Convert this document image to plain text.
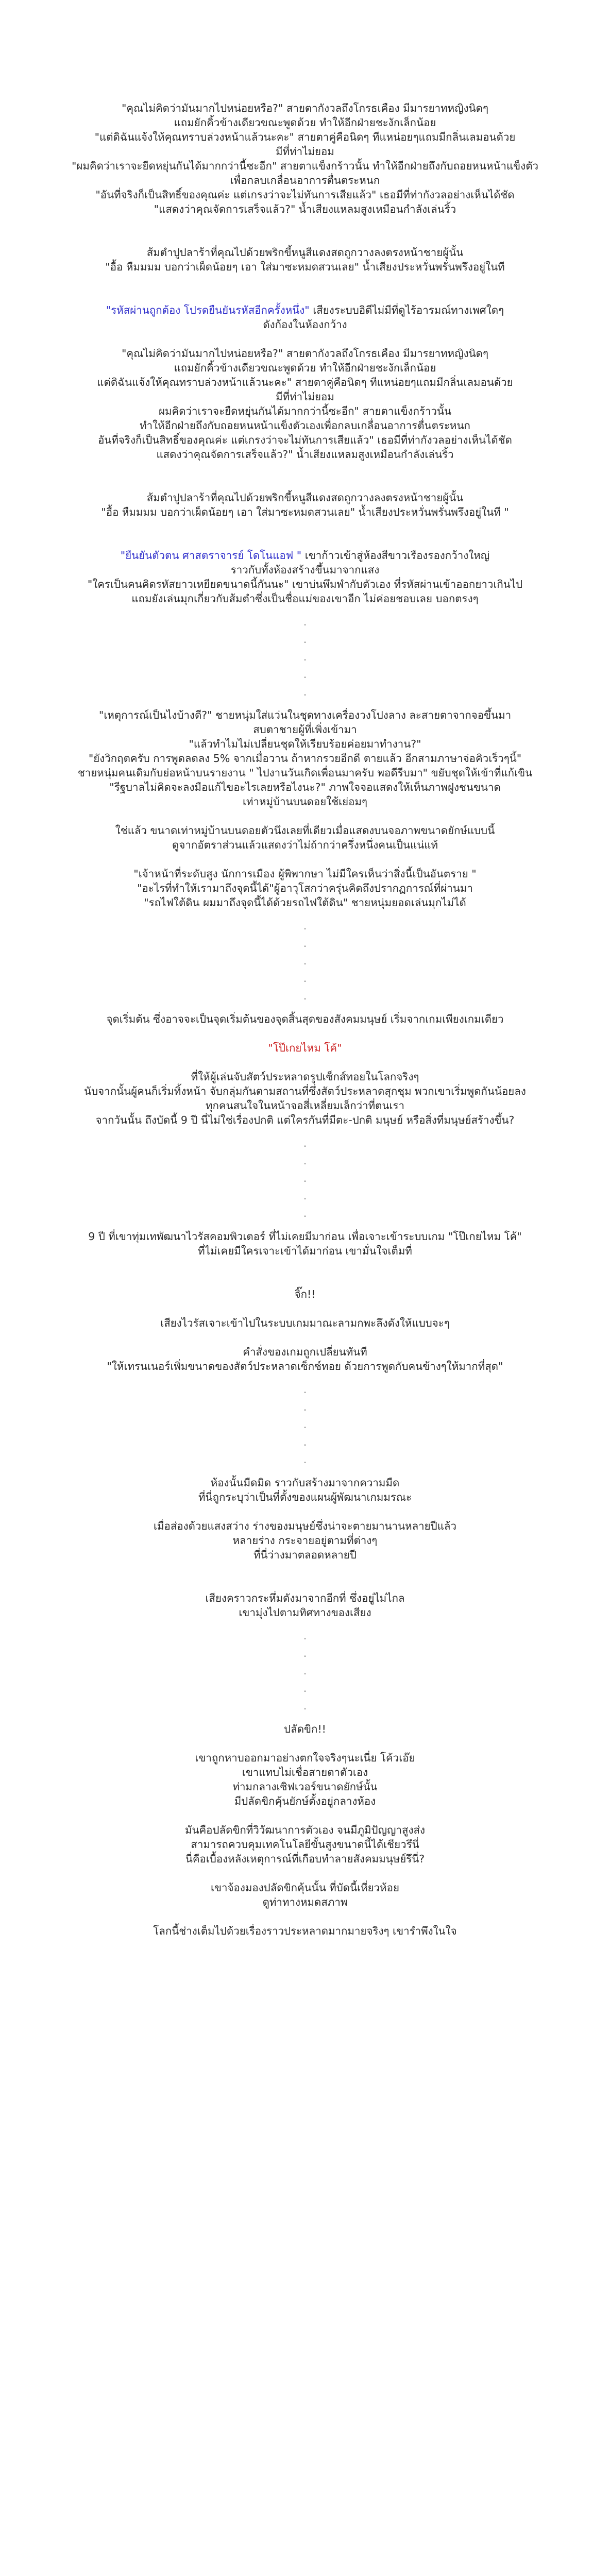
"คุณไม่คิดว่ามันมากไปหน่อยหรือ?" สายตากังวลถึงโกรธเคือง มีมารยาทหญิงนิดๆ
แถมยักคิ้วข้างเดียวขณะพูดด้วย ทำให้อีกฝ่ายชะงักเล็กน้อย
"แต่ดิฉันแจ้งให้คุณทราบล่วงหน้าแล้วนะคะ" สายตาคู่คือนิดๆ ทีแหน่อยๆแถมมีกลิ่นเลมอนด้วย
มีที่ท่าไม่ยอม
"ผมคิดว่าเราจะยืดหยุ่นกันได้มากกว่านี้ซะอีก" สายตาแข็งกร้าวนั้น ทำให้อีกฝ่ายถึงกับถอยหนหน้าแข็งตัว
เพื่อกลบเกลื่อนอาการตื่นตระหนก
"อันที่จริงก็เป็นสิทธิ์ของคุณค่ะ แต่เกรงว่าจะไม่ทันการเสียแล้ว" เธอมีที่ท่ากังวลอย่างเห็นได้ชัด
"แสดงว่าคุณจัดการเสร็จแล้ว?" น้ำเสียงแหลมสูงเหมือนกำลังเล่นริ้ว
ส้มตำปูปลาร้าที่คุณไปด้วยพริกขี้หนูสีแดงสดถูกวางลงตรงหน้าชายผู้นั้น
"อื้อ หืมมมม บอกว่าเผ็ดน้อยๆ เอา ใส่มาซะหมดสวนเลย" น้ำเสียงประหวั่นพรั่นพรึงอยู่ในที
"รหัสผ่านถูกต้อง โปรดยืนยันรหัสอีกครั้งหนึ่ง" เสียงระบบอิดีไม่มีที่ดูไร้อารมณ์ทางเพศใดๆ
ดังก้องในห้องกว้าง
"คุณไม่คิดว่ามันมากไปหน่อยหรือ?" สายตากังวลถึงโกรธเคือง มีมารยาทหญิงนิดๆ
แถมยักคิ้วข้างเดียวขณะพูดด้วย ทำให้อีกฝ่ายชะงักเล็กน้อย
แต่ดิฉันแจ้งให้คุณทราบล่วงหน้าแล้วนะคะ" สายตาคู่คือนิดๆ ทีแหน่อยๆแถมมีกลิ่นเลมอนด้วย
มีที่ท่าไม่ยอม
ผมคิดว่าเราจะยืดหยุ่นกันได้มากกว่านี้ซะอีก" สายตาแข็งกร้าวนั้น
ทำให้อีกฝ่ายถึงกับถอยหนหน้าแข็งตัวเองเพื่อกลบเกลื่อนอาการตื่นตระหนก
อันที่จริงก็เป็นสิทธิ์ของคุณค่ะ แต่เกรงว่าจะไม่ทันการเสียแล้ว" เธอมีที่ท่ากังวลอย่างเห็นได้ชัด
แสดงว่าคุณจัดการเสร็จแล้ว?" น้ำเสียงแหลมสูงเหมือนกำลังเล่นริ้ว
ส้มตำปูปลาร้าที่คุณไปด้วยพริกขี้หนูสีแดงสดถูกวางลงตรงหน้าชายผู้นั้น
"อื้อ หืมมมม บอกว่าเผ็ดน้อยๆ เอา ใส่มาซะหมดสวนเลย" น้ำเสียงประหวั่นพรั่นพรึงอยู่ในที "
"ยืนยันตัวตน ศาสตราจารย์ โดโนแอฟ " เขาก้าวเข้าสู่ห้องสีขาวเรืองรองกว้างใหญ่
ราวกับทั้งห้องสร้างขึ้นมาจากแสง
"ใครเป็นคนคิดรหัสยาวเหยียดขนาดนี้กันนะ" เขาบ่นพึมพำกับตัวเอง ที่รหัสผ่านเข้าออกยาวเกินไป
แถมยังเล่นมุกเกี่ยวกับส้มตำซึ่งเป็นชื่อแม่ของเขาอีก ไม่ค่อยชอบเลย บอกตรงๆ
.
.
.
.
.
"เหตุการณ์เป็นไงบ้างดี?" ชายหนุ่มใส่แว่นในชุดทางเครื่องวงโปงลาง ละสายตาจากจอขึ้นมา
สบตาชายผู้ที่เพิ่งเข้ามา
"แล้วทำไมไม่เปลี่ยนชุดให้เรียบร้อยค่อยมาทำงาน?"
"ยังวิกฤตครับ การพูดลดลง 5% จากเมื่อวาน ถ้าหากรวยอีกดี ตายแล้ว อีกสามภาษาจ่อคิวเร็วๆนี้"
ชายหนุ่มคนเดิมกับย่อหน้าบนรายงาน " ไปงานวันเกิดเพื่อนมาครับ พอดีรีบมา" ขยับชุดให้เข้าที่แก้เขิน
"รีฐบาลไม่คิดจะลงมือแก้ไขอะไรเลยหรือไงนะ?" ภาพใจจอแสดงให้เห็นภาพฝูงชนขนาด
เท่าหมู่บ้านบนดอยใช้เย่อมๆ
ใช่แล้ว ขนาดเท่าหมู่บ้านบนดอยตัวนึงเลยที่เดียวเมื่อแสดงบนจอภาพขนาดยักษ์แบบนี้
ดูจากอัตราส่วนแล้วแสดงว่าไม่ถ้ากว่าครึ่งหนึ่งคนเป็นแน่แท้
"เจ้าหน้าที่ระดับสูง นักการเมือง ผู้พิพากษา ไม่มีใครเห็นว่าสิ่งนี้เป็นอันตราย "
"อะไรที่ทำให้เรามาถึงจุดนี้ได้"ผู้อาวุโสกว่าครุ่นคิดถึงปรากฏการณ์ที่ผ่านมา
"รถไฟใต้ดิน ผมมาถึงจุดนี้ได้ด้วยรถไฟใต้ดิน" ชายหนุ่มยอดเล่นมุกไม่ได้
.
.
.
.
.
จุดเริ่มต้น ซึ่งอาจจะเป็นจุดเริ่มต้นของจุดสิ้นสุดของสังคมมนุษย์ เริ่มจากเกมเพียงเกมเดียว
"โป๊เกยไหม โค้"
ที่ให้ผู้เล่นจับสัตว์ประหลาดรูปเซ็กส์ทอยในโลกจริงๆ
นับจากนั้นผู้คนก็เริ่มทิ้งหน้า จับกลุ่มกันตามสถานที่ซึ่งสัตว์ประหลาดสุกชุม พวกเขาเริ่มพูดกันน้อยลง
ทุกคนสนใจในหน้าจอสี่เหลี่ยมเล็กว่าที่ตนเรา
จากวันนั้น ถึงบัดนี้ 9 ปี นี่ไม่ใช่เรื่องปกติ แต่ใครกันที่มีตะ-ปกติ มนุษย์ หรือสิ่งที่มนุษย์สร้างขึ้น?
.
.
.
.
.
9 ปี ที่เขาทุ่มเทพัฒนาไวรัสคอมพิวเตอร์ ที่ไม่เคยมีมาก่อน เพื่อเจาะเข้าระบบเกม "โป๊เกยไหม โค้"
ที่ไม่เคยมีใครเจาะเข้าได้มาก่อน เขามั่นใจเต็มที่
จิ๊ก!!
เสียงไวรัสเจาะเข้าไปในระบบเกมมาณะลามกพะลึงดังให้แบบจะๆ
คำสั่งของเกมถูกเปลี่ยนทันที
"ให้เทรนเนอร์เพิ่มขนาดของสัตว์ประหลาดเซ็กซ์ทอย ด้วยการพูดกับคนข้างๆให้มากที่สุด"
.
.
.
.
.
ห้องนั้นมืดมิด ราวกับสร้างมาจากความมืด
ที่นี่ถูกระบุว่าเป็นที่ตั้งของแผนผู้พัฒนาเกมมรณะ
เมื่อส่องด้วยแสงสว่าง ร่างของมนุษย์ซึ่งน่าจะตายมานานหลายปีแล้ว
หลายร่าง กระจายอยู่ตามที่ต่างๆ
ที่นี่ว่างมาตลอดหลายปี
เสียงคราวกระหึ่มดังมาจากอีกที่ ซึ่งอยู่ไม่ไกล
เขามุ่งไปตามทิศทางของเสียง
.
.
.
.
.
ปลัดขิก!!
เขาถูกหาบออกมาอย่างตกใจจริงๆนะเนี่ย โค้วเอ๊ย
เขาแทบไม่เชื่อสายตาตัวเอง
ท่ามกลางเซิฟเวอร์ขนาดยักษ์นั้น
มีปลัดขิกคุ้นยักษ์ตั้งอยู่กลางห้อง
มันคือปลัดขิกที่วิวัฒนาการตัวเอง จนมีภูมิปัญญาสูงส่ง
สามารถควบคุมเทคโนโลยีขั้นสูงขนาดนี้ได้เชียวรึนี่
นี่คือเบื้องหลังเหตุการณ์ที่เกือบทำลายสังคมมนุษย์รึนี่?
เขาจ้องมองปลัดขิกคุ้นนั้น ที่บัดนี้เหี่ยวห้อย
ดูท่าทางหมดสภาพ
โลกนี้ช่างเต็มไปด้วยเรื่องราวประหลาดมากมายจริงๆ เขารำพึงในใจ
